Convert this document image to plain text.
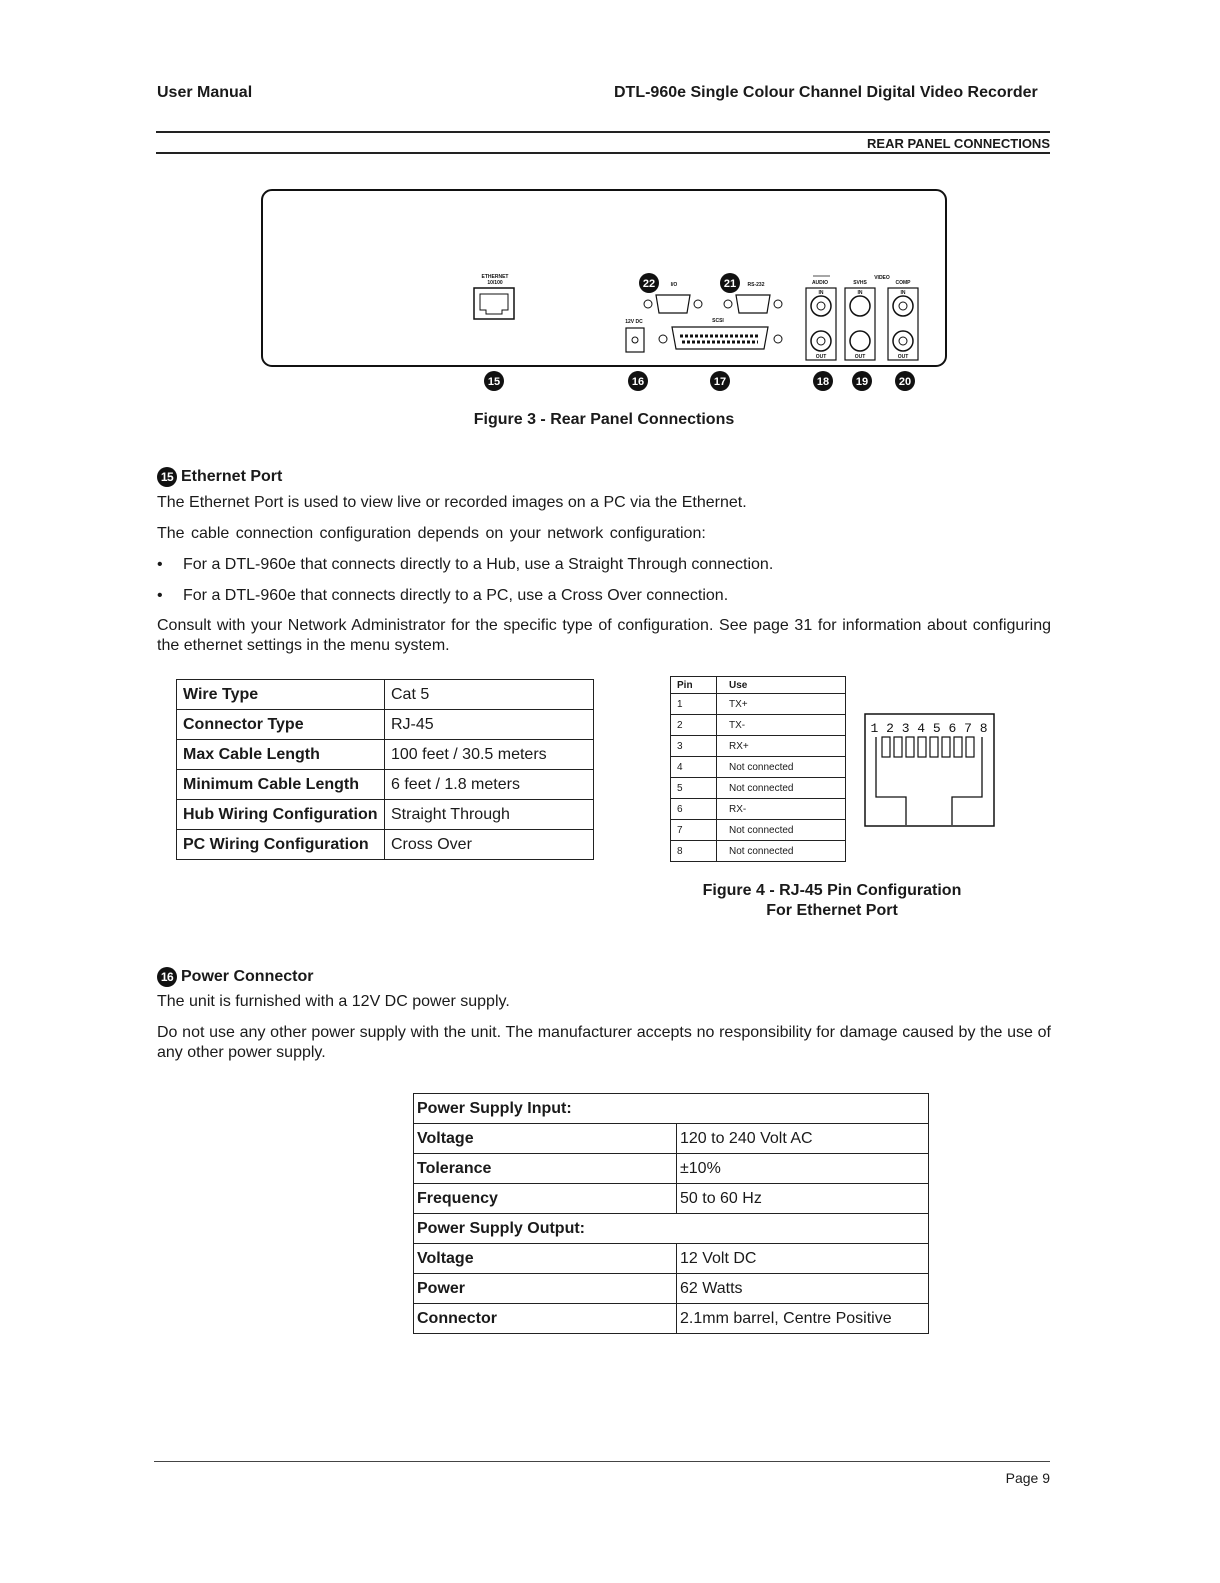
User Manual	DTL-960e Single Colour Channel Digital Video Recorder
REAR PANEL CONNECTIONS
ETHERNET
10/100	I/O	RS-232
12V DC	SCSI
AUDIO	SVHS
VIDEO
COMP
IN
OUT
IN
OUT
IN
OUT
22	21
15	16	17	18 19	20
Figure 3 - Rear Panel Connections
15 Ethernet Port
The Ethernet Port is used to view live or recorded images on a PC via the Ethernet.
The cable connection configuration depends on your network configuration:
• For a DTL-960e that connects directly to a Hub, use a Straight Through connection.
• For a DTL-960e that connects directly to a PC, use a Cross Over connection.
Consult with your Network Administrator for the specific type of configuration. See page 31 for information about configuring the ethernet settings in the menu system.
Wire Type	Cat 5
Connector Type	RJ-45
Max Cable Length	100 feet / 30.5 meters
Minimum Cable Length	6 feet / 1.8 meters
Hub Wiring Configuration	Straight Through
PC Wiring Configuration	Cross Over
Pin	Use
1	TX+
2	TX-
3	RX+
4	Not connected
5	Not connected
6	RX-
7	Not connected
8	Not connected
1 2 3 4 5 6 7 8
Figure 4 - RJ-45 Pin Configuration
For Ethernet Port
16 Power Connector
The unit is furnished with a 12V DC power supply.
Do not use any other power supply with the unit. The manufacturer accepts no responsibility for damage caused by the use of any other power supply.
Power Supply Input:	
Voltage	120 to 240 Volt AC
Tolerance	±10%
Frequency	50 to 60 Hz
Power Supply Output:	
Voltage	12 Volt DC
Power	62 Watts
Connector	2.1mm barrel, Centre Positive
Page 9
